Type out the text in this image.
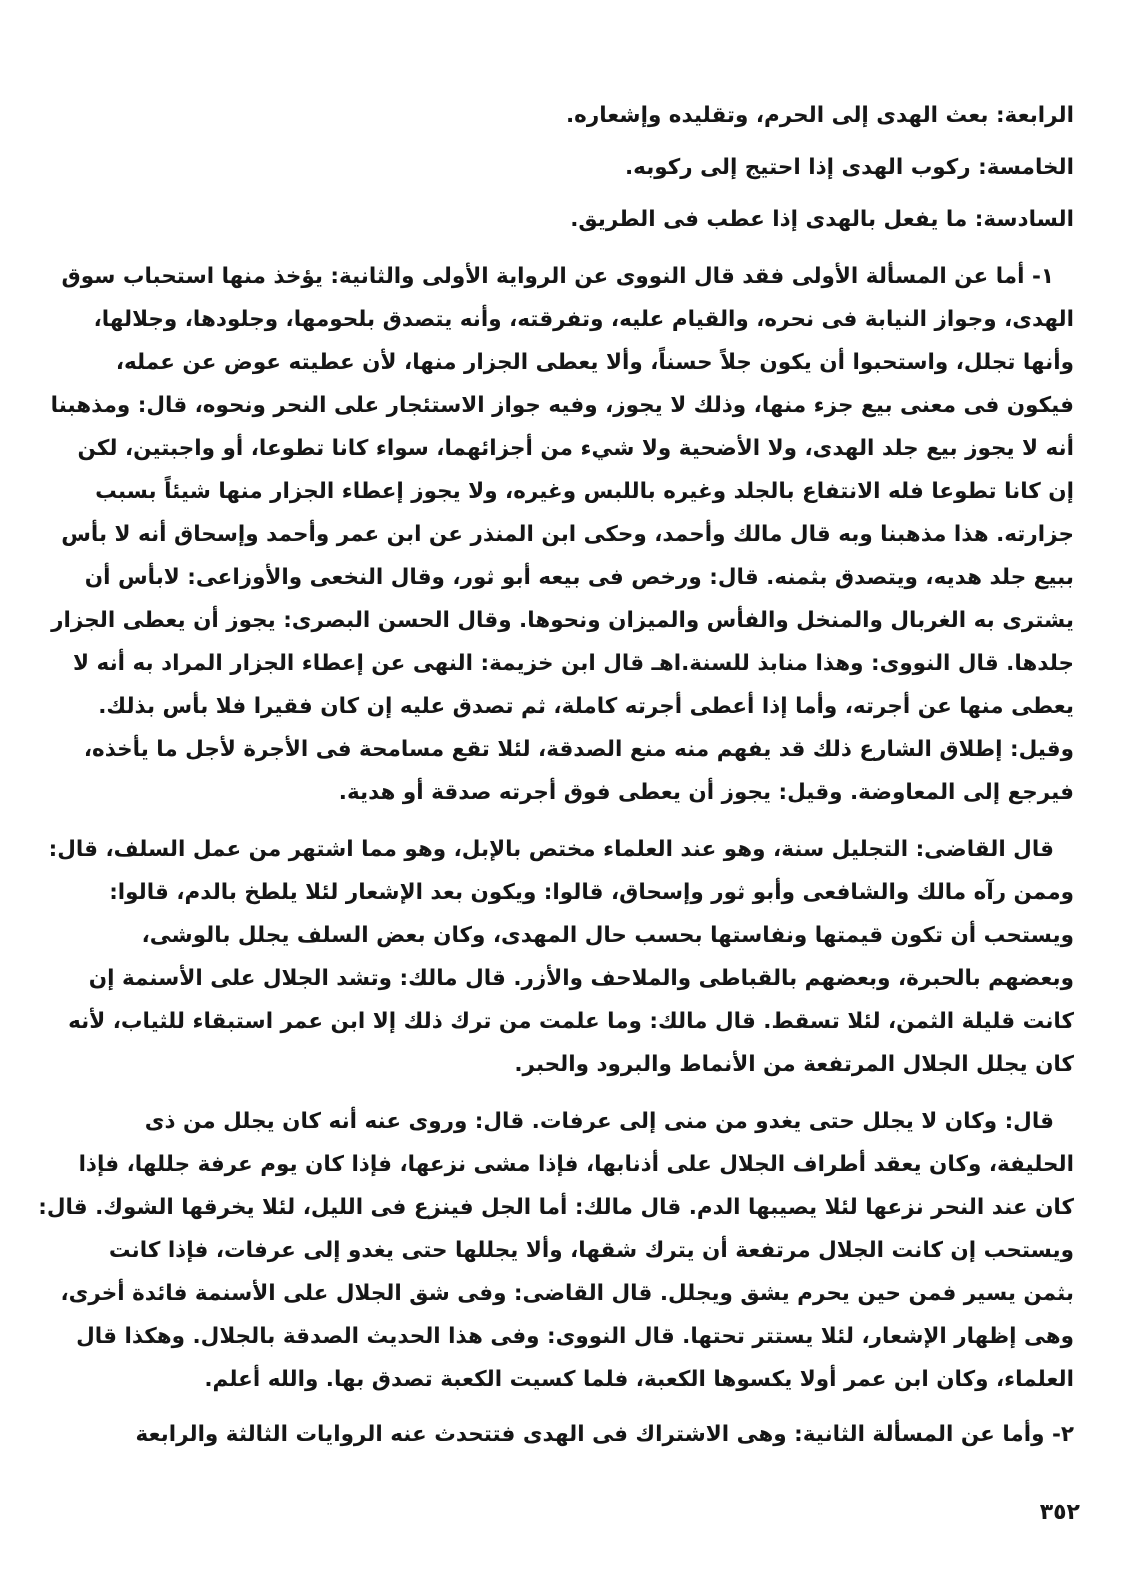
الرابعة: بعث الهدى إلى الحرم، وتقليده وإشعاره.
الخامسة: ركوب الهدى إذا احتيج إلى ركوبه.
السادسة: ما يفعل بالهدى إذا عطب فى الطريق.
١- أما عن المسألة الأولى فقد قال النووى عن الرواية الأولى والثانية: يؤخذ منها استحباب سوق
الهدى، وجواز النيابة فى نحره، والقيام عليه، وتفرقته، وأنه يتصدق بلحومها، وجلودها، وجلالها،
وأنها تجلل، واستحبوا أن يكون جلاً حسناً، وألا يعطى الجزار منها، لأن عطيته عوض عن عمله،
فيكون فى معنى بيع جزء منها، وذلك لا يجوز، وفيه جواز الاستئجار على النحر ونحوه، قال: ومذهبنا
أنه لا يجوز بيع جلد الهدى، ولا الأضحية ولا شيء من أجزائهما، سواء كانا تطوعا، أو واجبتين، لكن
إن كانا تطوعا فله الانتفاع بالجلد وغيره باللبس وغيره، ولا يجوز إعطاء الجزار منها شيئاً بسبب
جزارته. هذا مذهبنا وبه قال مالك وأحمد، وحكى ابن المنذر عن ابن عمر وأحمد وإسحاق أنه لا بأس
ببيع جلد هديه، ويتصدق بثمنه. قال: ورخص فى بيعه أبو ثور، وقال النخعى والأوزاعى: لابأس أن
يشترى به الغربال والمنخل والفأس والميزان ونحوها. وقال الحسن البصرى: يجوز أن يعطى الجزار
جلدها. قال النووى: وهذا منابذ للسنة.اهـ قال ابن خزيمة: النهى عن إعطاء الجزار المراد به أنه لا
يعطى منها عن أجرته، وأما إذا أعطى أجرته كاملة، ثم تصدق عليه إن كان فقيرا فلا بأس بذلك.
وقيل: إطلاق الشارع ذلك قد يفهم منه منع الصدقة، لئلا تقع مسامحة فى الأجرة لأجل ما يأخذه،
فيرجع إلى المعاوضة. وقيل: يجوز أن يعطى فوق أجرته صدقة أو هدية.
قال القاضى: التجليل سنة، وهو عند العلماء مختص بالإبل، وهو مما اشتهر من عمل السلف، قال:
وممن رآه مالك والشافعى وأبو ثور وإسحاق، قالوا: ويكون بعد الإشعار لئلا يلطخ بالدم، قالوا:
ويستحب أن تكون قيمتها ونفاستها بحسب حال المهدى، وكان بعض السلف يجلل بالوشى،
وبعضهم بالحبرة، وبعضهم بالقباطى والملاحف والأزر. قال مالك: وتشد الجلال على الأسنمة إن
كانت قليلة الثمن، لئلا تسقط. قال مالك: وما علمت من ترك ذلك إلا ابن عمر استبقاء للثياب، لأنه
كان يجلل الجلال المرتفعة من الأنماط والبرود والحبر.
قال: وكان لا يجلل حتى يغدو من منى إلى عرفات. قال: وروى عنه أنه كان يجلل من ذى
الحليفة، وكان يعقد أطراف الجلال على أذنابها، فإذا مشى نزعها، فإذا كان يوم عرفة جللها، فإذا
كان عند النحر نزعها لئلا يصيبها الدم. قال مالك: أما الجل فينزع فى الليل، لئلا يخرقها الشوك. قال:
ويستحب إن كانت الجلال مرتفعة أن يترك شقها، وألا يجللها حتى يغدو إلى عرفات، فإذا كانت
بثمن يسير فمن حين يحرم يشق ويجلل. قال القاضى: وفى شق الجلال على الأسنمة فائدة أخرى،
وهى إظهار الإشعار، لئلا يستتر تحتها. قال النووى: وفى هذا الحديث الصدقة بالجلال. وهكذا قال
العلماء، وكان ابن عمر أولا يكسوها الكعبة، فلما كسيت الكعبة تصدق بها. والله أعلم.
٢- وأما عن المسألة الثانية: وهى الاشتراك فى الهدى فتتحدث عنه الروايات الثالثة والرابعة
٣٥٢
